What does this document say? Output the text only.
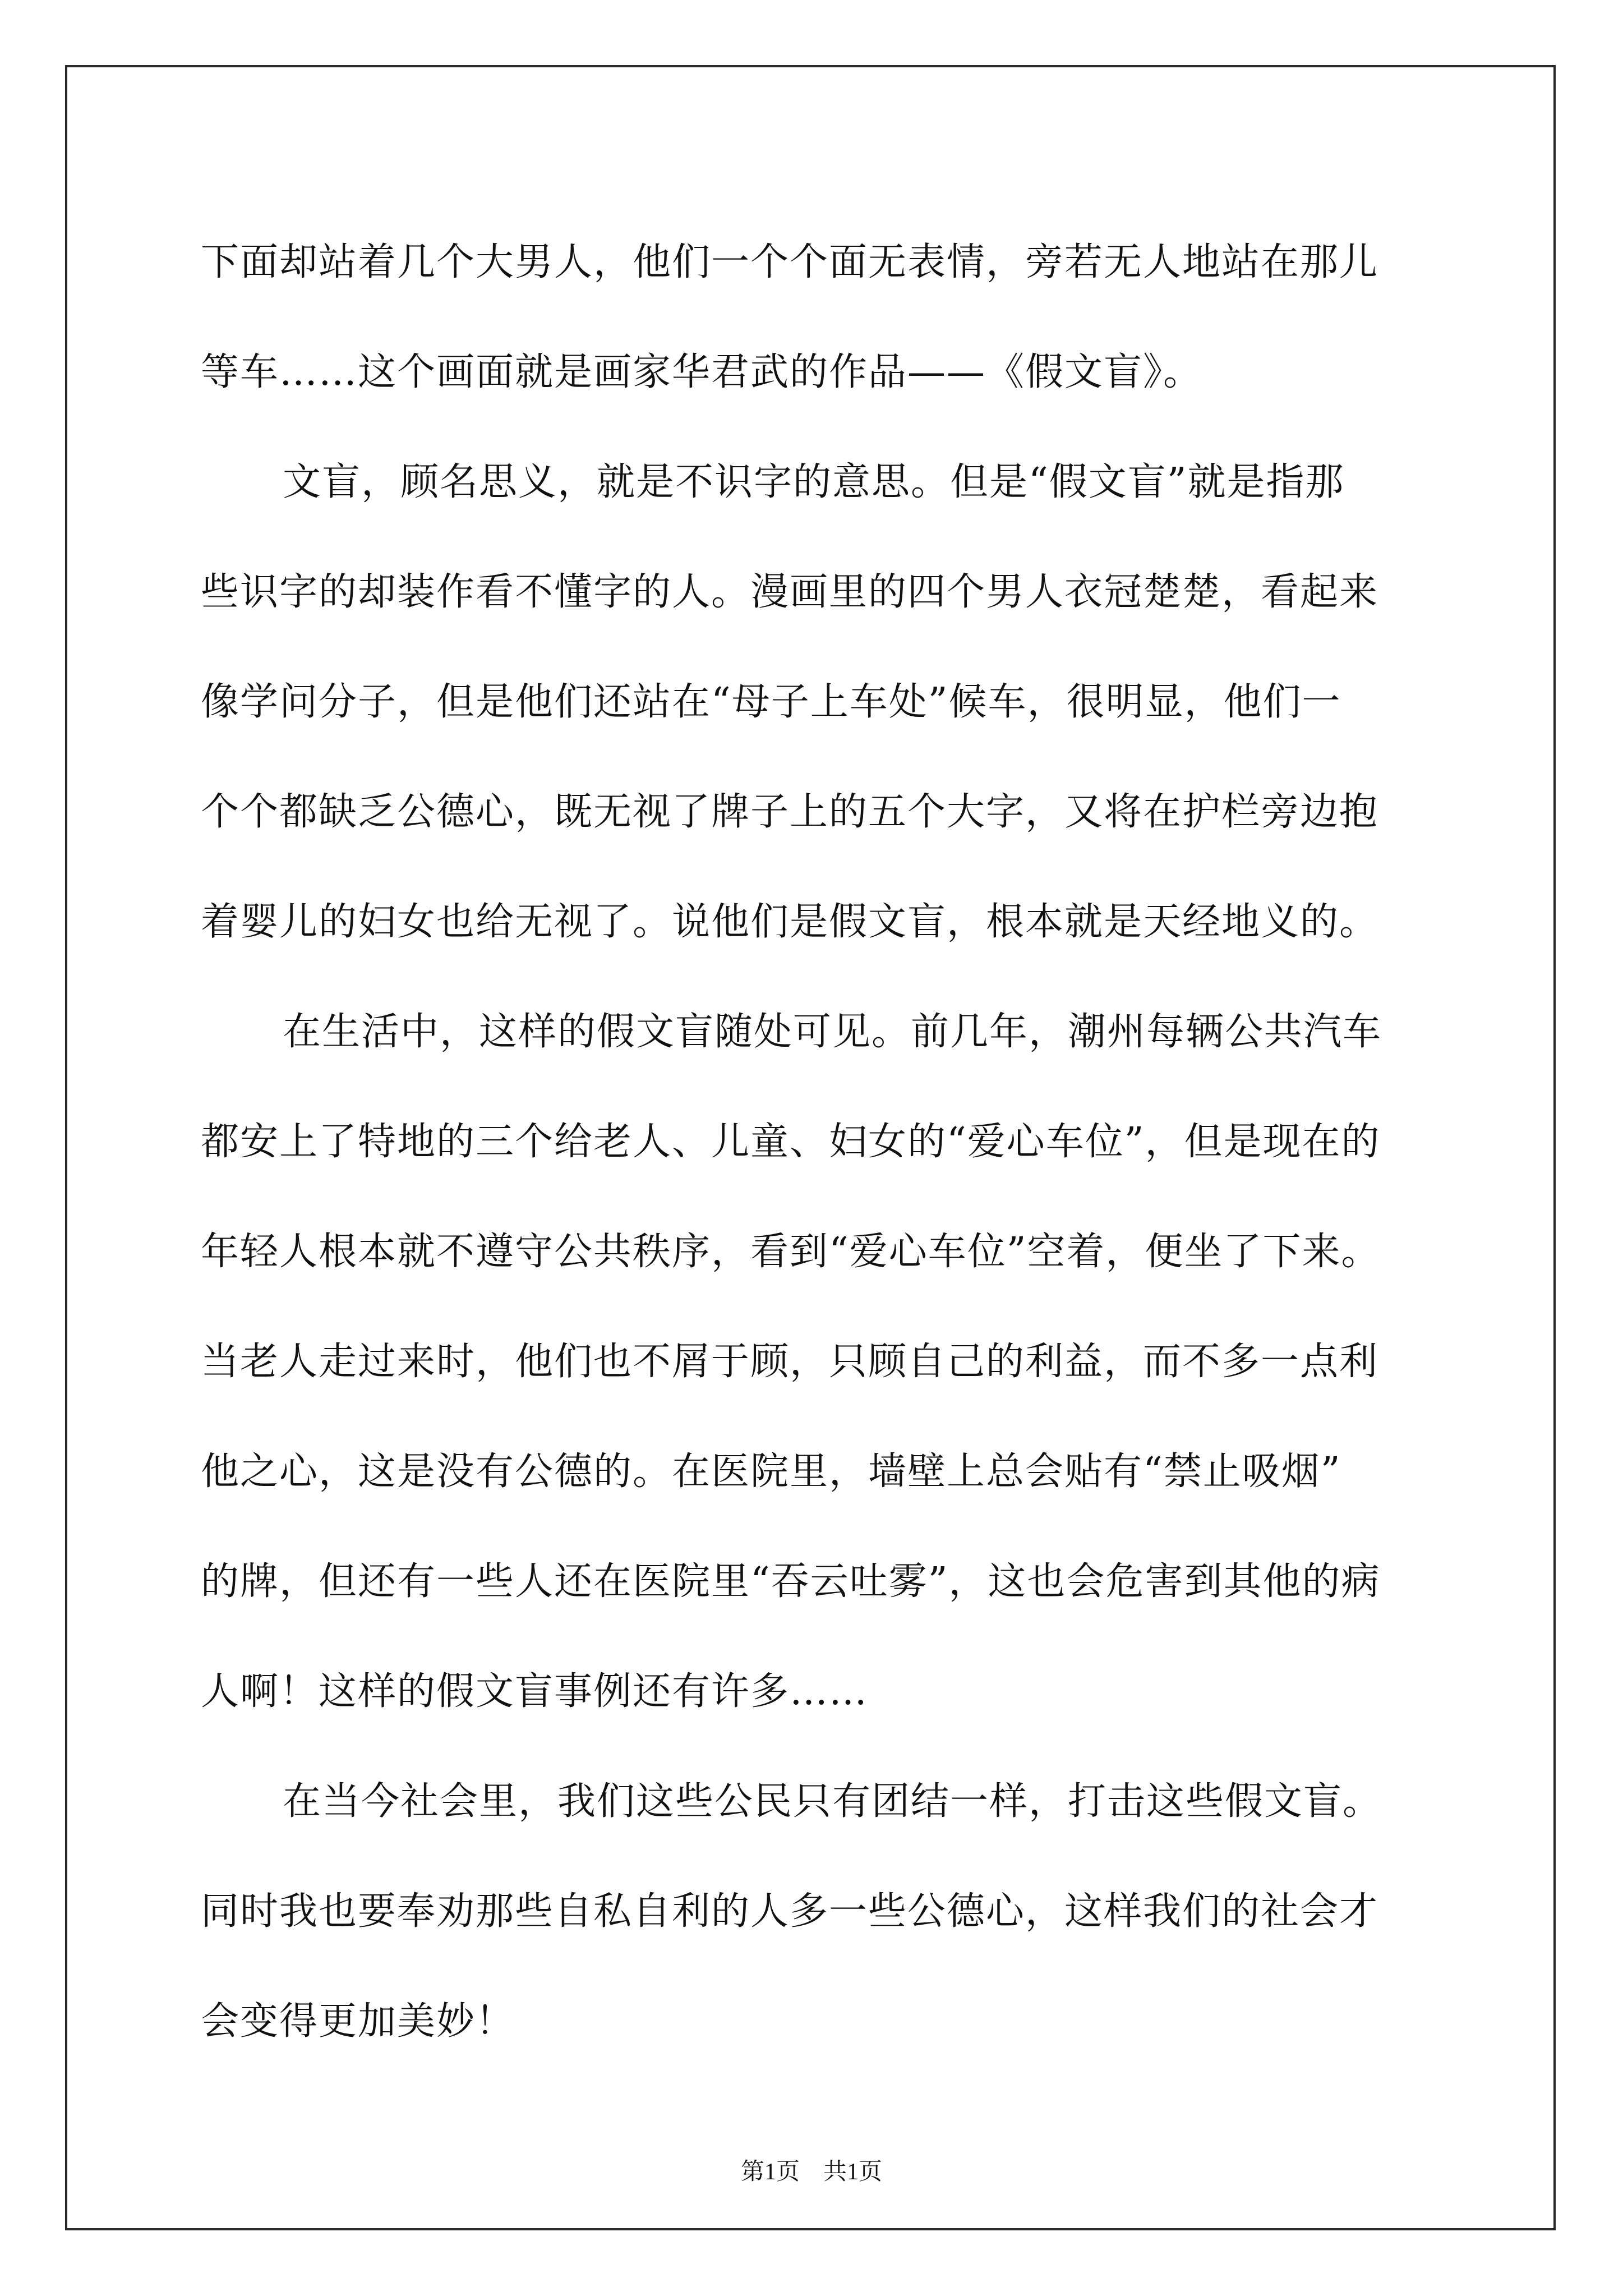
下面却站着几个大男人，他们一个个面无表情，旁若无人地站在那儿
等车……这个画面就是画家华君武的作品——《假文盲》。
文盲，顾名思义，就是不识字的意思。但是“假文盲”就是指那
些识字的却装作看不懂字的人。漫画里的四个男人衣冠楚楚，看起来
像学问分子，但是他们还站在“母子上车处”候车，很明显，他们一
个个都缺乏公德心，既无视了牌子上的五个大字，又将在护栏旁边抱
着婴儿的妇女也给无视了。说他们是假文盲，根本就是天经地义的。
在生活中，这样的假文盲随处可见。前几年，潮州每辆公共汽车
都安上了特地的三个给老人、儿童、妇女的“爱心车位”，但是现在的
年轻人根本就不遵守公共秩序，看到“爱心车位”空着，便坐了下来。
当老人走过来时，他们也不屑于顾，只顾自己的利益，而不多一点利
他之心，这是没有公德的。在医院里，墙壁上总会贴有“禁止吸烟”
的牌，但还有一些人还在医院里“吞云吐雾”，这也会危害到其他的病
人啊！这样的假文盲事例还有许多……
在当今社会里，我们这些公民只有团结一样，打击这些假文盲。
同时我也要奉劝那些自私自利的人多一些公德心，这样我们的社会才
会变得更加美妙！
第1页　共1页
